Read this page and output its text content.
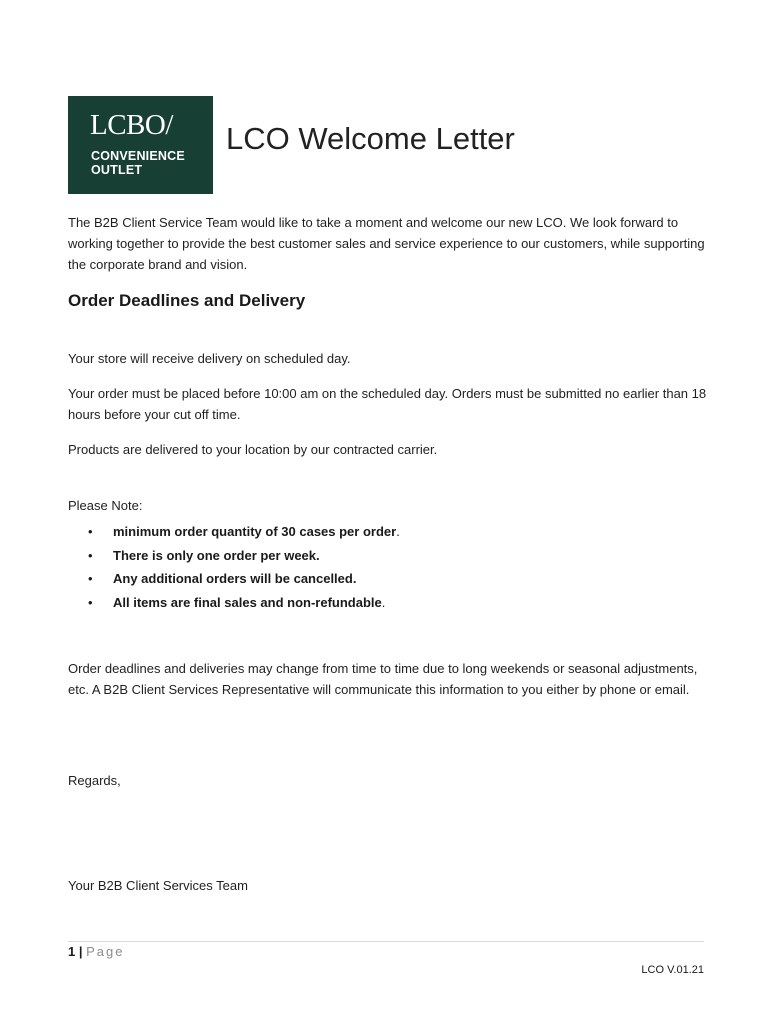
LCBO/
CONVENIENCE
OUTLET
LCO Welcome Letter

The B2B Client Service Team would like to take a moment and welcome our new LCO. We look forward to working together to provide the best customer sales and service experience to our customers, while supporting the corporate brand and vision.

Order Deadlines and Delivery

Your store will receive delivery on scheduled day.

Your order must be placed before 10:00 am on the scheduled day. Orders must be submitted no earlier than 18 hours before your cut off time.

Products are delivered to your location by our contracted carrier.

Please Note:

• minimum order quantity of 30 cases per order.
• There is only one order per week.
• Any additional orders will be cancelled.
• All items are final sales and non-refundable.

Order deadlines and deliveries may change from time to time due to long weekends or seasonal adjustments, etc. A B2B Client Services Representative will communicate this information to you either by phone or email.

Regards,

Your B2B Client Services Team

1 | Page
LCO V.01.21
